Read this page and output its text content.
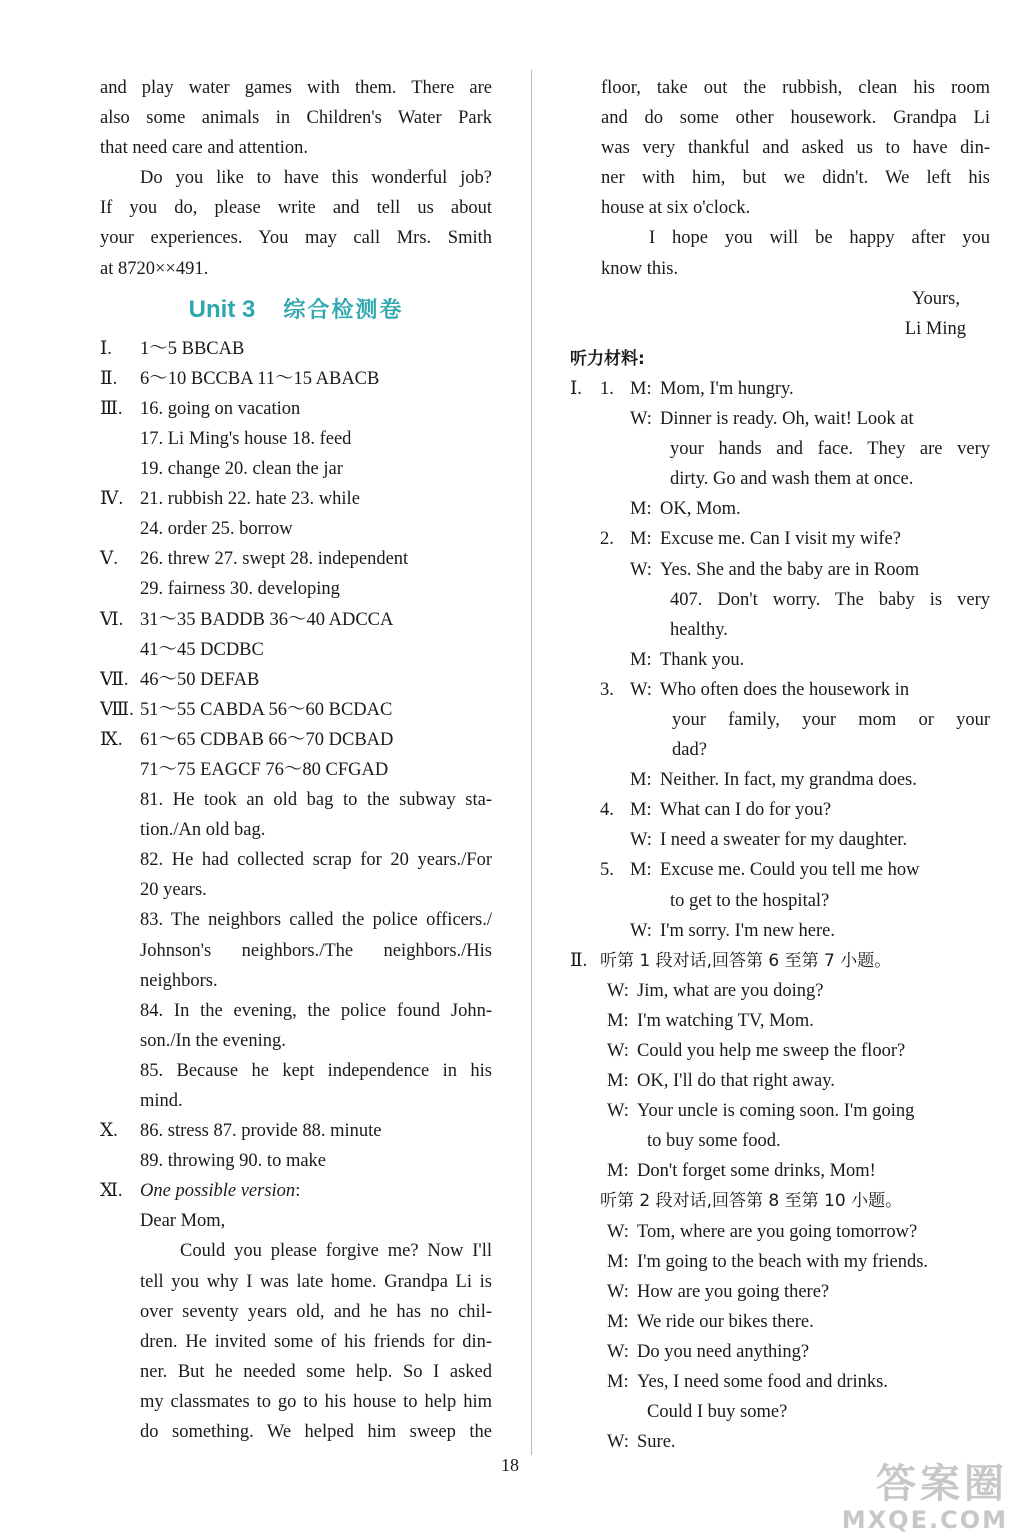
and play water games with them. There are
also some animals in Children's Water Park
that need care and attention.
Do you like to have this wonderful job?
If you do, please write and tell us about
your experiences. You may call Mrs. Smith
at 8720××491.
Unit 3 综合检测卷
Ⅰ. 1～5 BBCAB
Ⅱ. 6～10 BCCBA 11～15 ABACB
Ⅲ. 16. going on vacation
17. Li Ming's house 18. feed
19. change 20. clean the jar
Ⅳ. 21. rubbish 22. hate 23. while
24. order 25. borrow
Ⅴ. 26. threw 27. swept 28. independent
29. fairness 30. developing
Ⅵ. 31～35 BADDB 36～40 ADCCA
41～45 DCDBC
Ⅶ. 46～50 DEFAB
Ⅷ. 51～55 CABDA 56～60 BCDAC
Ⅸ. 61～65 CDBAB 66～70 DCBAD
71～75 EAGCF 76～80 CFGAD
81. He took an old bag to the subway sta-
tion./An old bag.
82. He had collected scrap for 20 years./For
20 years.
83. The neighbors called the police officers./
Johnson's neighbors./The neighbors./His
neighbors.
84. In the evening, the police found John-
son./In the evening.
85. Because he kept independence in his
mind.
Ⅹ. 86. stress 87. provide 88. minute
89. throwing 90. to make
Ⅺ. One possible version:
Dear Mom,
Could you please forgive me? Now I'll
tell you why I was late home. Grandpa Li is
over seventy years old, and he has no chil-
dren. He invited some of his friends for din-
ner. But he needed some help. So I asked
my classmates to go to his house to help him
do something. We helped him sweep the
floor, take out the rubbish, clean his room
and do some other housework. Grandpa Li
was very thankful and asked us to have din-
ner with him, but we didn't. We left his
house at six o'clock.
I hope you will be happy after you
know this.
Yours,
Li Ming
听力材料:
Ⅰ. 1. M: Mom, I'm hungry.
W: Dinner is ready. Oh, wait! Look at
your hands and face. They are very
dirty. Go and wash them at once.
M: OK, Mom.
2. M: Excuse me. Can I visit my wife?
W: Yes. She and the baby are in Room
407. Don't worry. The baby is very
healthy.
M: Thank you.
3. W: Who often does the housework in
your family, your mom or your
dad?
M: Neither. In fact, my grandma does.
4. M: What can I do for you?
W: I need a sweater for my daughter.
5. M: Excuse me. Could you tell me how
to get to the hospital?
W: I'm sorry. I'm new here.
Ⅱ. 听第 1 段对话,回答第 6 至第 7 小题。
W: Jim, what are you doing?
M: I'm watching TV, Mom.
W: Could you help me sweep the floor?
M: OK, I'll do that right away.
W: Your uncle is coming soon. I'm going
to buy some food.
M: Don't forget some drinks, Mom!
听第 2 段对话,回答第 8 至第 10 小题。
W: Tom, where are you going tomorrow?
M: I'm going to the beach with my friends.
W: How are you going there?
M: We ride our bikes there.
W: Do you need anything?
M: Yes, I need some food and drinks.
Could I buy some?
W: Sure.
18	答案圈
MXQE.COM
